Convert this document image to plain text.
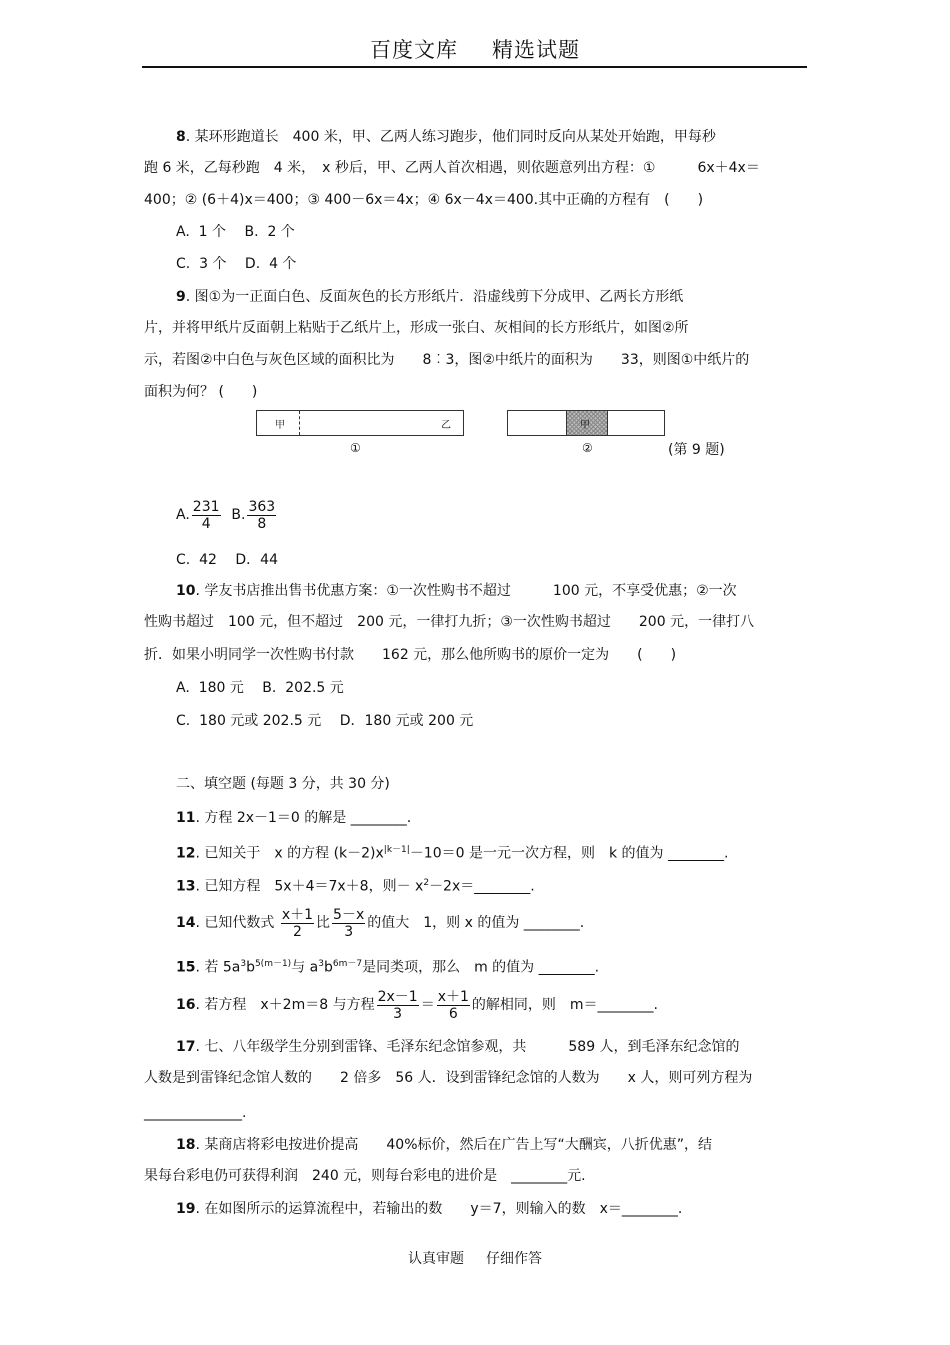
百度文库 精选试题
8. 某环形跑道长　400 米，甲、乙两人练习跑步，他们同时反向从某处开始跑，甲每秒
跑 6 米，乙每秒跑　4 米，　x 秒后，甲、乙两人首次相遇，则依题意列出方程：①　　　6x＋4x＝
400；② (6＋4)x＝400；③ 400－6x＝4x；④ 6x－4x＝400.其中正确的方程有　(　　)
A.  1 个　 B.  2 个
C.  3 个　 D.  4 个
9. 图①为一正面白色、反面灰色的长方形纸片．沿虚线剪下分成甲、乙两长方形纸
片，并将甲纸片反面朝上粘贴于乙纸片上，形成一张白、灰相间的长方形纸片，如图②所
示，若图②中白色与灰色区域的面积比为　　8︰3，图②中纸片的面积为　　33，则图①中纸片的
面积为何？ (　　)
甲	乙
①
甲
②	(第 9 题)
A. $\frac{231}{4} B$. $\frac{363}{8}$
C.  42　 D．44
10. 学友书店推出售书优惠方案：①一次性购书不超过　　　100 元，不享受优惠；②一次
性购书超过　100 元，但不超过　200 元，一律打九折；③一次性购书超过　　200 元，一律打八
折．如果小明同学一次性购书付款　　162 元，那么他所购书的原价一定为　　(　　)
A.  180 元　 B.  202.5 元
C.  180 元或 202.5 元　 D．180 元或 200 元
二、填空题 (每题 3 分，共 30 分)
11. 方程 2x－1＝0 的解是 ________.
12. 已知关于　x 的方程 $(k-2)x^{|k-1|}-10=0$ 是一元一次方程，则　k 的值为 ________.
13. 已知方程　5x＋4＝7x＋8，则－ $x^2-2x=\_\_\_\_\_\_\_\_$.
14. 已知代数式 $\frac{x+1}{2}$ 比 $\frac{5-x}{3}$ 的值大　1，则 x 的值为 ________.
15. 若 $5a^3b^{5(m-1)}$与 $a^3b^{6m-7}$是同类项，那么　m 的值为 ________.
16. 若方程　x＋2m＝8 与方程 $\frac{2x-1}{3} = \frac{x+1}{6}$ 的解相同，则　m＝________.
17. 七、八年级学生分别到雷锋、毛泽东纪念馆参观，共　　　589 人，到毛泽东纪念馆的
人数是到雷锋纪念馆人数的　　2 倍多　56 人．设到雷锋纪念馆的人数为　　x 人，则可列方程为
______________.
18. 某商店将彩电按进价提高　　40%标价，然后在广告上写“大酬宾，八折优惠”，结
果每台彩电仍可获得利润　240 元，则每台彩电的进价是　________元.
19. 在如图所示的运算流程中，若输出的数　　y＝7，则输入的数　x＝________.
认真审题 仔细作答
